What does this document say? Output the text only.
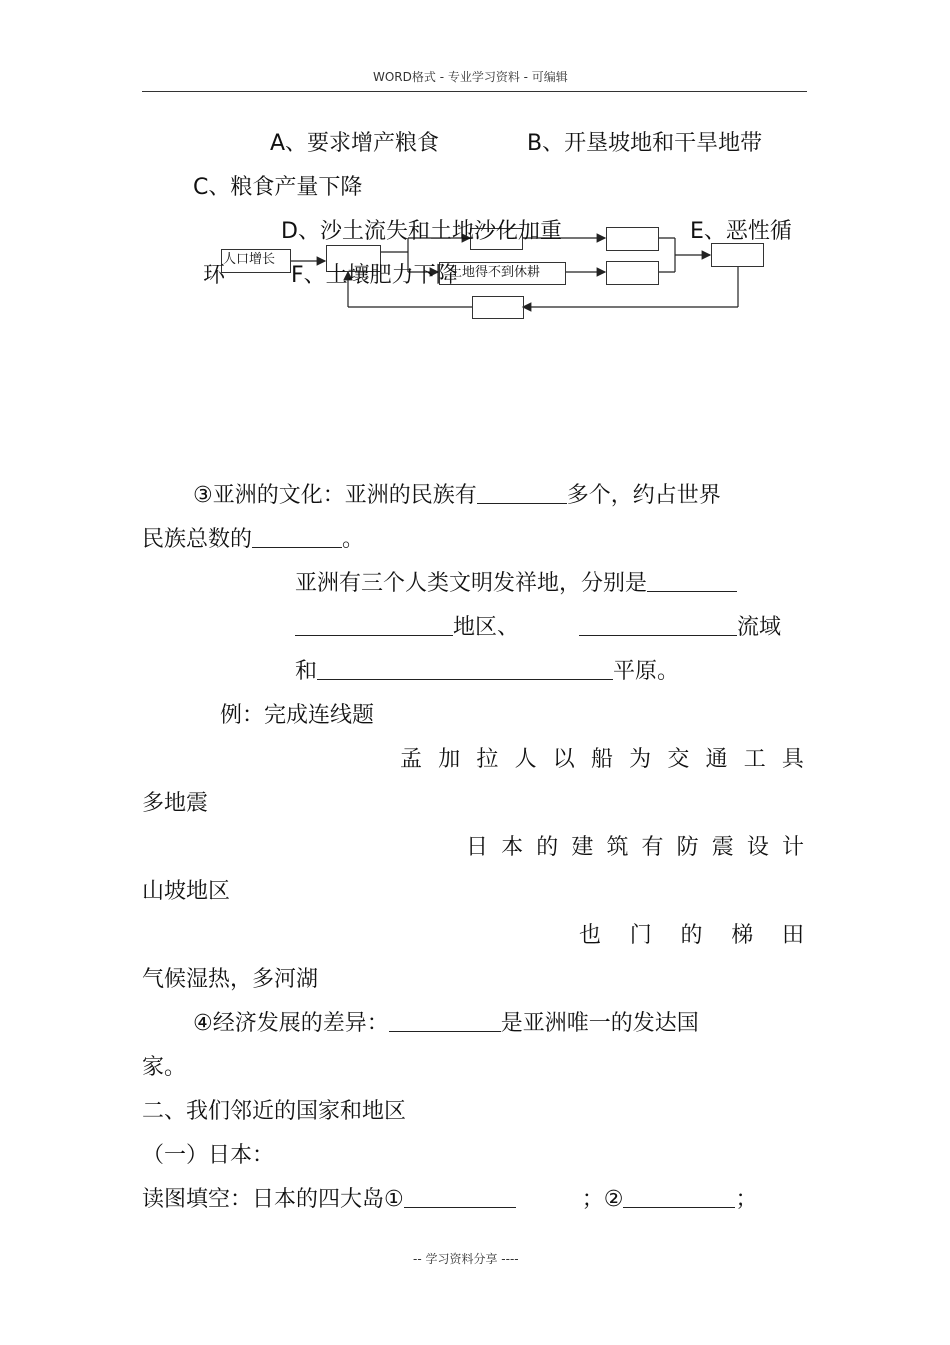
WORD格式 - 专业学习资料 - 可编辑
人口增长
土地得不到休耕
A、要求增产粮食	B、开垦坡地和干旱地带
C、粮食产量下降
D、沙土流失和土地沙化加重	E、恶性循
环	F、土壤肥力下降
③亚洲的文化：亚洲的民族有	多个，约占世界
民族总数的	。
亚洲有三个人类文明发祥地，分别是
地区、	流域
和	平原。
例：完成连线题
孟 加 拉 人 以 船 为 交 通 工 具
多地震
日 本 的 建 筑 有 防 震 设 计
山坡地区
也 门 的 梯 田
气候湿热，多河湖
④经济发展的差异：	是亚洲唯一的发达国
家。
二、我们邻近的国家和地区
（一）日本：
读图填空：日本的四大岛①	；②	；
-- 学习资料分享 ----
